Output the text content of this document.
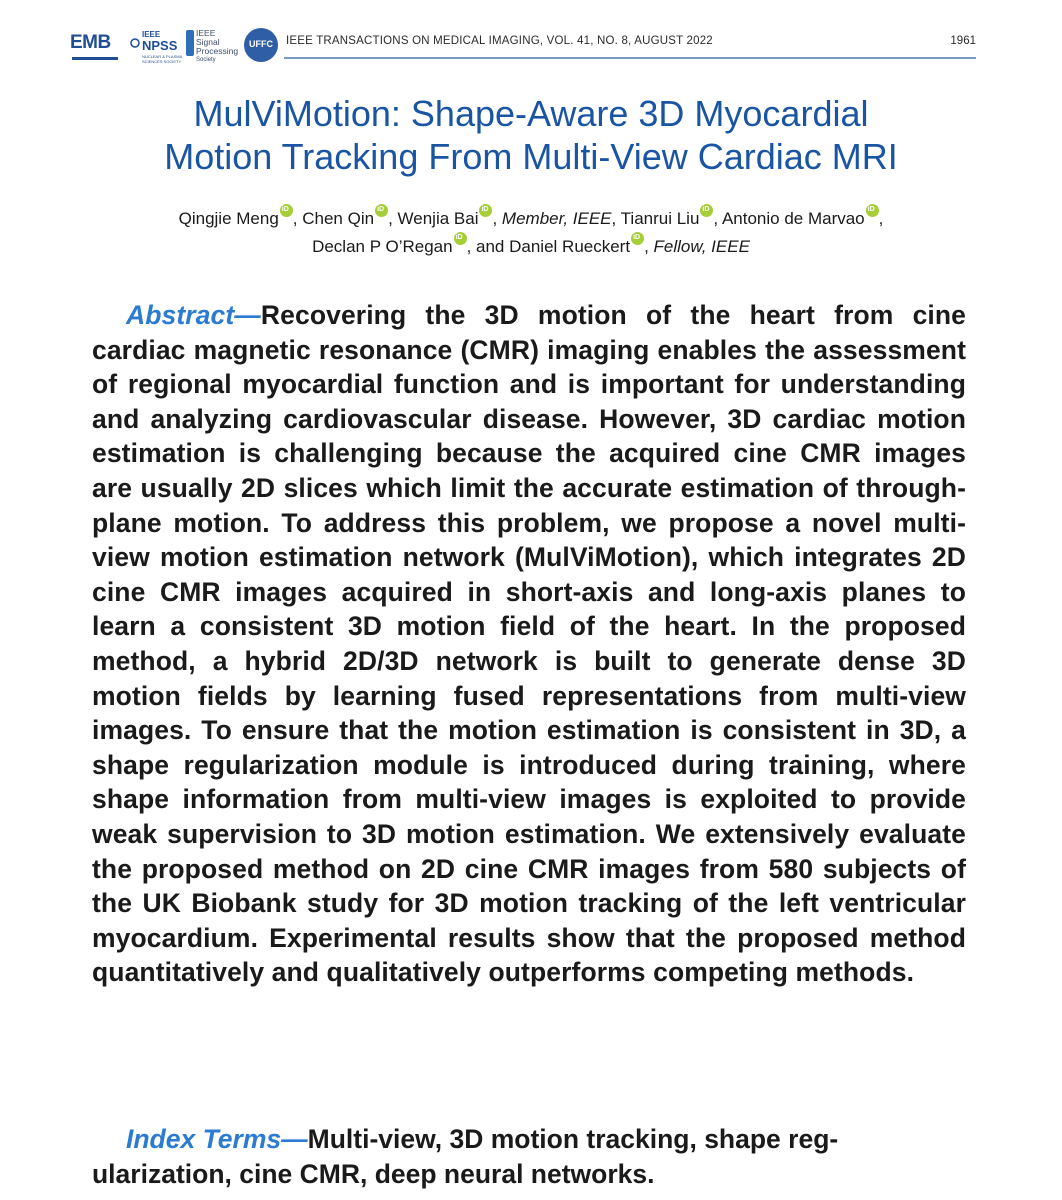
EMB	IEEE
NPSS
NUCLEAR & PLASMA SCIENCES SOCIETY
IEEE
Signal
Processing
Society
UFFC	IEEE TRANSACTIONS ON MEDICAL IMAGING, VOL. 41, NO. 8, AUGUST 2022	1961
MulViMotion: Shape-Aware 3D Myocardial
Motion Tracking From Multi-View Cardiac MRI
Qingjie Meng iD , Chen Qin iD , Wenjia Bai iD , Member, IEEE, Tianrui Liu iD , Antonio de Marvao iD ,
Declan P O’Regan iD , and Daniel Rueckert iD , Fellow, IEEE
Abstract—Recovering the 3D motion of the heart from cine cardiac magnetic resonance (CMR) imaging enables the assessment of regional myocardial function and is important for understanding and analyzing cardiovascular disease. However, 3D cardiac motion estimation is challenging because the acquired cine CMR images are usually 2D slices which limit the accurate estimation of through-plane motion. To address this problem, we propose a novel multi-view motion estimation network (MulViMotion), which integrates 2D cine CMR images acquired in short-axis and long-axis planes to learn a consistent 3D motion field of the heart. In the proposed method, a hybrid 2D/3D network is built to generate dense 3D motion fields by learning fused representations from multi-view images. To ensure that the motion estimation is consistent in 3D, a shape regularization module is introduced during training, where shape information from multi-view images is exploited to provide weak supervision to 3D motion estimation. We extensively evaluate the proposed method on 2D cine CMR images from 580 subjects of the UK Biobank study for 3D motion tracking of the left ventricular myocardium. Experimental results show that the proposed method quantitatively and qualitatively outperforms competing methods.
Index Terms—Multi-view, 3D motion tracking, shape regularization, cine CMR, deep neural networks.
